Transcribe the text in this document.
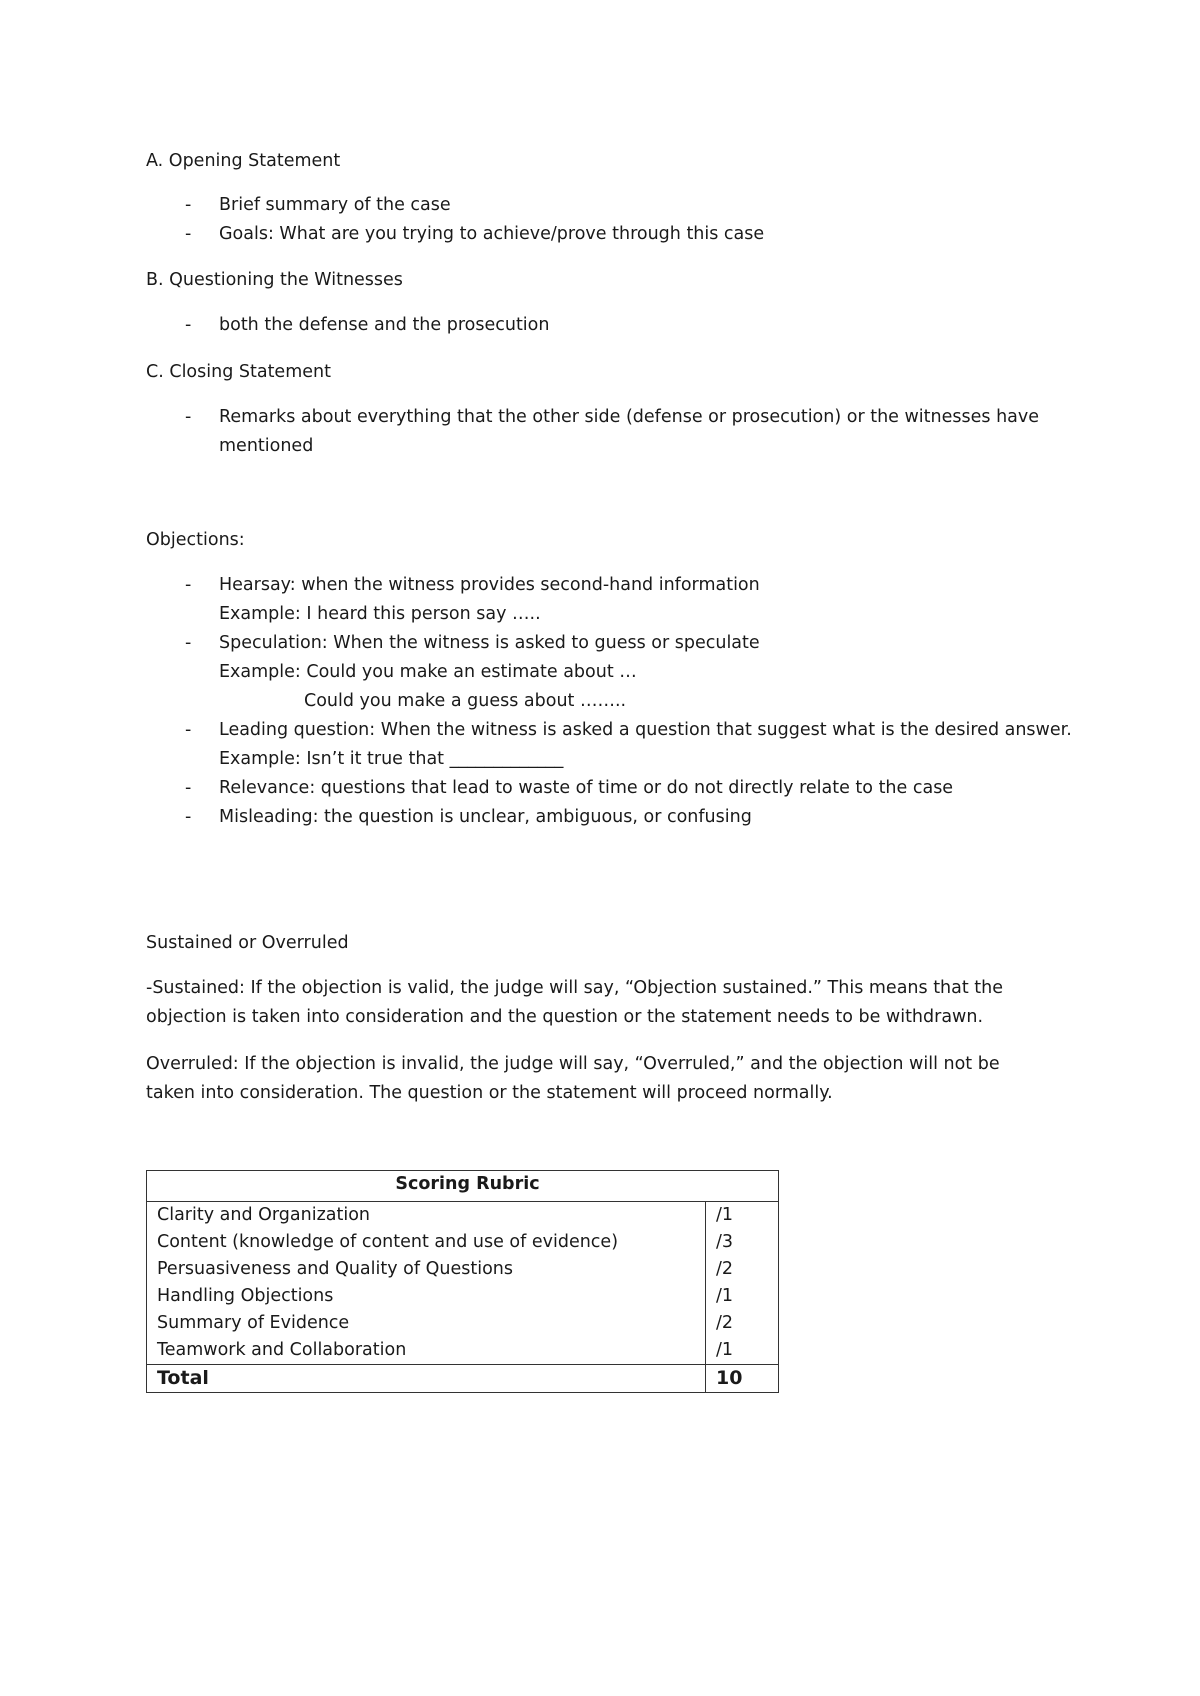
A. Opening Statement

- Brief summary of the case

- Goals: What are you trying to achieve/prove through this case

B. Questioning the Witnesses

- both the defense and the prosecution

C. Closing Statement

- Remarks about everything that the other side (defense or prosecution) or the witnesses have mentioned

Objections:

- Hearsay: when the witness provides second-hand information

Example: I heard this person say …..

- Speculation: When the witness is asked to guess or speculate

Example: Could you make an estimate about …

Could you make a guess about ……..

- Leading question: When the witness is asked a question that suggest what is the desired answer.

Example: Isn’t it true that _____________

- Relevance: questions that lead to waste of time or do not directly relate to the case

- Misleading: the question is unclear, ambiguous, or confusing

Sustained or Overruled

-Sustained: If the objection is valid, the judge will say, “Objection sustained.” This means that the objection is taken into consideration and the question or the statement needs to be withdrawn.

Overruled: If the objection is invalid, the judge will say, “Overruled,” and the objection will not be taken into consideration. The question or the statement will proceed normally.

Scoring Rubric	
Clarity and Organization	/1
Content (knowledge of content and use of evidence)	/3
Persuasiveness and Quality of Questions	/2
Handling Objections	/1
Summary of Evidence	/2
Teamwork and Collaboration	/1
Total	10
